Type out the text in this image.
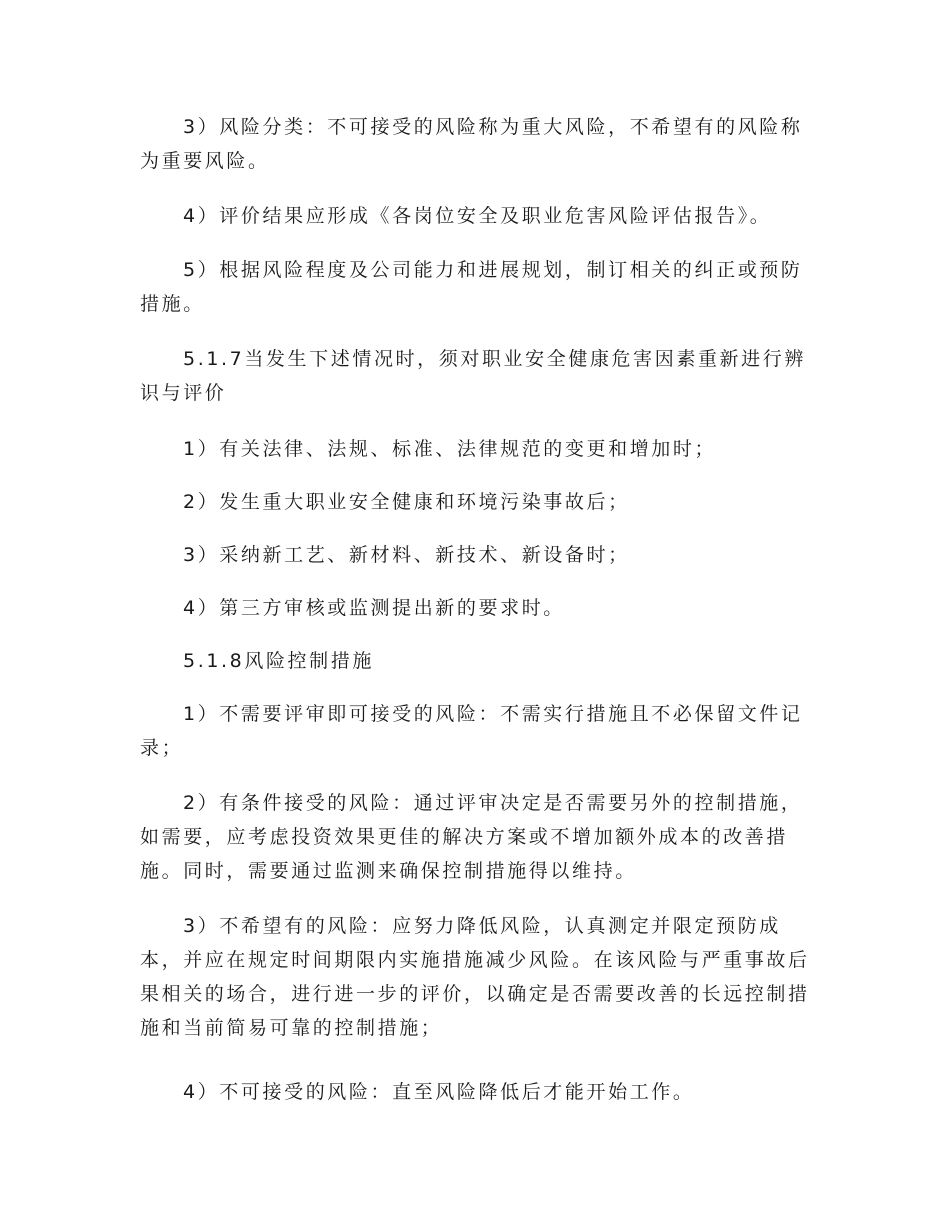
3）风险分类：不可接受的风险称为重大风险，不希望有的风险称为重要风险。

4）评价结果应形成《各岗位安全及职业危害风险评估报告》。

5）根据风险程度及公司能力和进展规划，制订相关的纠正或预防措施。

5.1.7当发生下述情况时，须对职业安全健康危害因素重新进行辨识与评价

1）有关法律、法规、标准、法律规范的变更和增加时；

2）发生重大职业安全健康和环境污染事故后；

3）采纳新工艺、新材料、新技术、新设备时；

4）第三方审核或监测提出新的要求时。

5.1.8风险控制措施

1）不需要评审即可接受的风险：不需实行措施且不必保留文件记录；

2）有条件接受的风险：通过评审决定是否需要另外的控制措施，如需要，应考虑投资效果更佳的解决方案或不增加额外成本的改善措施。同时，需要通过监测来确保控制措施得以维持。

3）不希望有的风险：应努力降低风险，认真测定并限定预防成本，并应在规定时间期限内实施措施减少风险。在该风险与严重事故后果相关的场合，进行进一步的评价，以确定是否需要改善的长远控制措施和当前简易可靠的控制措施；

4）不可接受的风险：直至风险降低后才能开始工作。
